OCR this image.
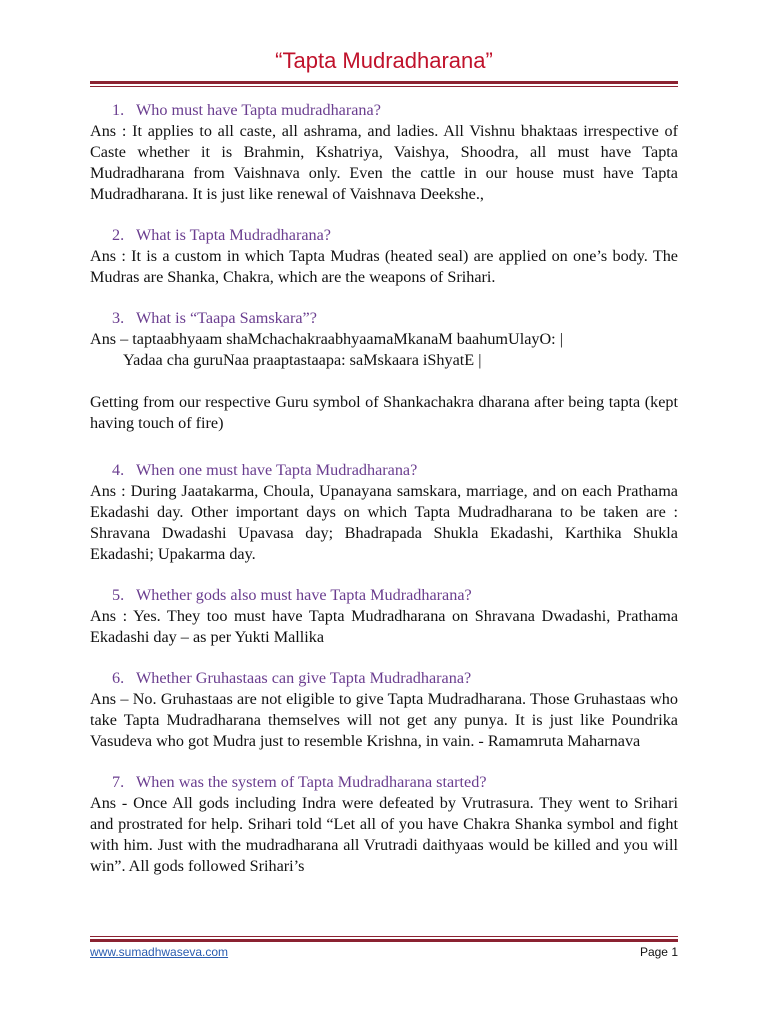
“Tapta Mudradharana”
1. Who must have Tapta mudradharana?

Ans : It applies to all caste, all ashrama, and ladies. All Vishnu bhaktaas irrespective of Caste whether it is Brahmin, Kshatriya, Vaishya, Shoodra, all must have Tapta Mudradharana from Vaishnava only. Even the cattle in our house must have Tapta Mudradharana. It is just like renewal of Vaishnava Deekshe.,

2. What is Tapta Mudradharana?

Ans : It is a custom in which Tapta Mudras (heated seal) are applied on one’s body. The Mudras are Shanka, Chakra, which are the weapons of Srihari.

3. What is “Taapa Samskara”?
Ans – taptaabhyaam shaMchachakraabhyaamaMkanaM baahumUlayO: |
Yadaa cha guruNaa praaptastaapa: saMskaara iShyatE |
Getting from our respective Guru symbol of Shankachakra dharana after being tapta (kept having touch of fire)
4. When one must have Tapta Mudradharana?

Ans : During Jaatakarma, Choula, Upanayana samskara, marriage, and on each Prathama Ekadashi day. Other important days on which Tapta Mudradharana to be taken are : Shravana Dwadashi Upavasa day; Bhadrapada Shukla Ekadashi, Karthika Shukla Ekadashi; Upakarma day.

5. Whether gods also must have Tapta Mudradharana?

Ans : Yes. They too must have Tapta Mudradharana on Shravana Dwadashi, Prathama Ekadashi day – as per Yukti Mallika

6. Whether Gruhastaas can give Tapta Mudradharana?

Ans – No. Gruhastaas are not eligible to give Tapta Mudradharana. Those Gruhastaas who take Tapta Mudradharana themselves will not get any punya. It is just like Poundrika Vasudeva who got Mudra just to resemble Krishna, in vain. - Ramamruta Maharnava

7. When was the system of Tapta Mudradharana started?

Ans - Once All gods including Indra were defeated by Vrutrasura. They went to Srihari and prostrated for help. Srihari told “Let all of you have Chakra Shanka symbol and fight with him. Just with the mudradharana all Vrutradi daithyaas would be killed and you will win”. All gods followed Srihari’s

www.sumadhwaseva.com	Page 1
